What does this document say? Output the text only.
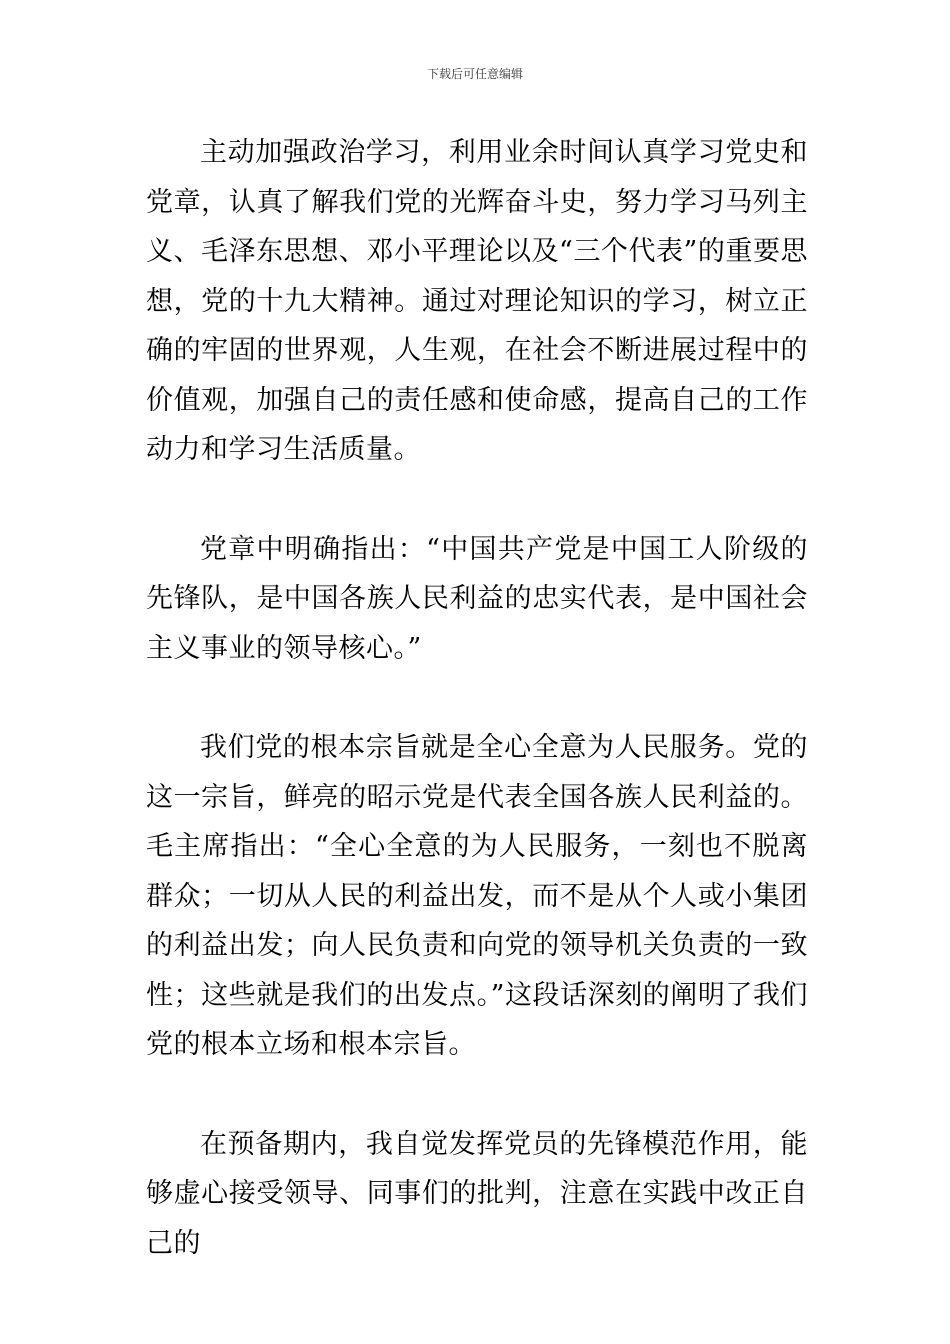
下载后可任意编辑

主动加强政治学习，利用业余时间认真学习党史和党章，认真了解我们党的光辉奋斗史，努力学习马列主义、毛泽东思想、邓小平理论以及“三个代表”的重要思想，党的十九大精神。通过对理论知识的学习，树立正确的牢固的世界观，人生观，在社会不断进展过程中的价值观，加强自己的责任感和使命感，提高自己的工作动力和学习生活质量。

党章中明确指出：“中国共产党是中国工人阶级的先锋队，是中国各族人民利益的忠实代表，是中国社会主义事业的领导核心。”

我们党的根本宗旨就是全心全意为人民服务。党的这一宗旨，鲜亮的昭示党是代表全国各族人民利益的。毛主席指出：“全心全意的为人民服务，一刻也不脱离群众；一切从人民的利益出发，而不是从个人或小集团的利益出发；向人民负责和向党的领导机关负责的一致性；这些就是我们的出发点。”这段话深刻的阐明了我们党的根本立场和根本宗旨。

在预备期内，我自觉发挥党员的先锋模范作用，能够虚心接受领导、同事们的批判，注意在实践中改正自己的
